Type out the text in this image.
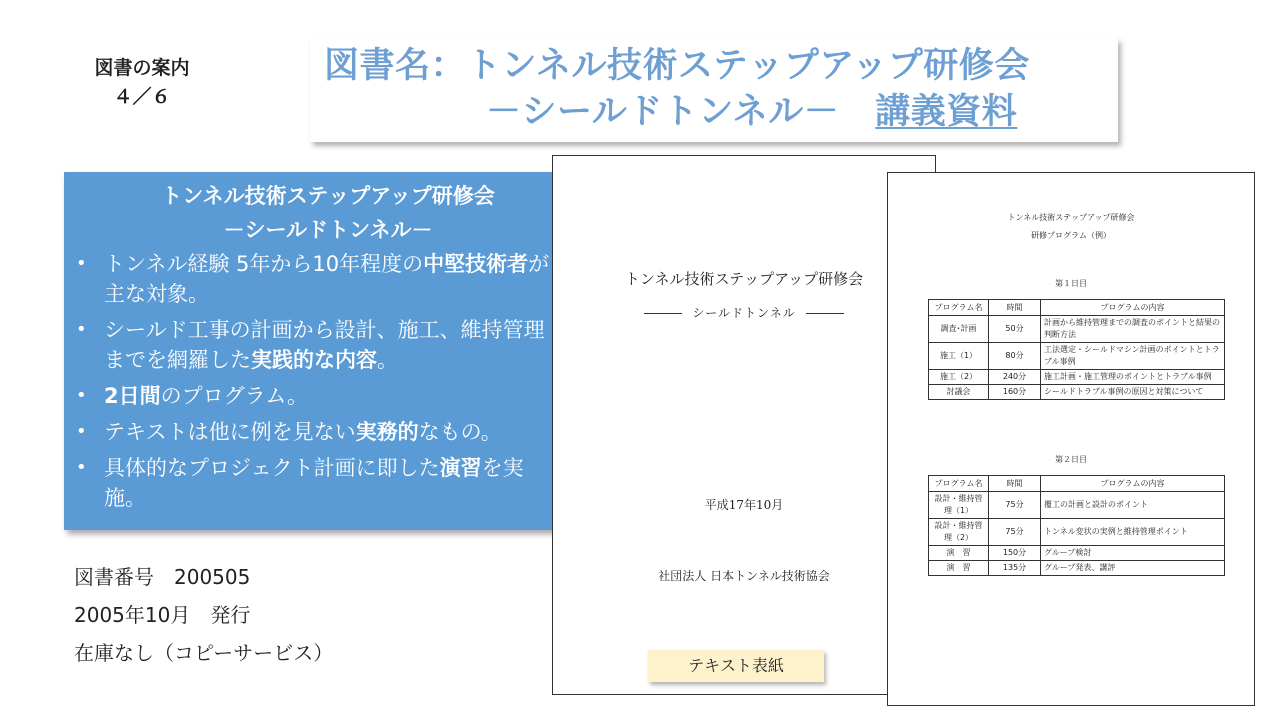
図書の案内
４／６
図書名：トンネル技術ステップアップ研修会
－シールドトンネル－ 講義資料
トンネル技術ステップアップ研修会
－シールドトンネル－
• トンネル経験 5年から10年程度の中堅技術者が主な対象。
• シールド工事の計画から設計、施工、維持管理までを網羅した実践的な内容。
• 2日間のプログラム。
• テキストは他に例を見ない実務的なもの。
• 具体的なプロジェクト計画に即した演習を実施。
図書番号　200505
2005年10月　発行
在庫なし（コピーサービス）
トンネル技術ステップアップ研修会
シールドトンネル
平成17年10月
社団法人 日本トンネル技術協会
テキスト表紙
トンネル技術ステップアップ研修会
研修プログラム（例）
第１日目
プログラム名	時間	プログラムの内容
調査･計画	50分	計画から維持管理までの調査のポイントと結果の判断方法
施工（1）	80分	工法選定・シールドマシン計画のポイントとトラブル事例
施工（2）	240分	施工計画・施工管理のポイントとトラブル事例
討議会	160分	シールドトラブル事例の原因と対策について
第２日目
プログラム名	時間	プログラムの内容
設計・維持管理（1）	75分	覆工の計画と設計のポイント
設計・維持管理（2）	75分	トンネル変状の実例と維持管理ポイント
演　習	150分	グループ検討
演　習	135分	グループ発表、講評
